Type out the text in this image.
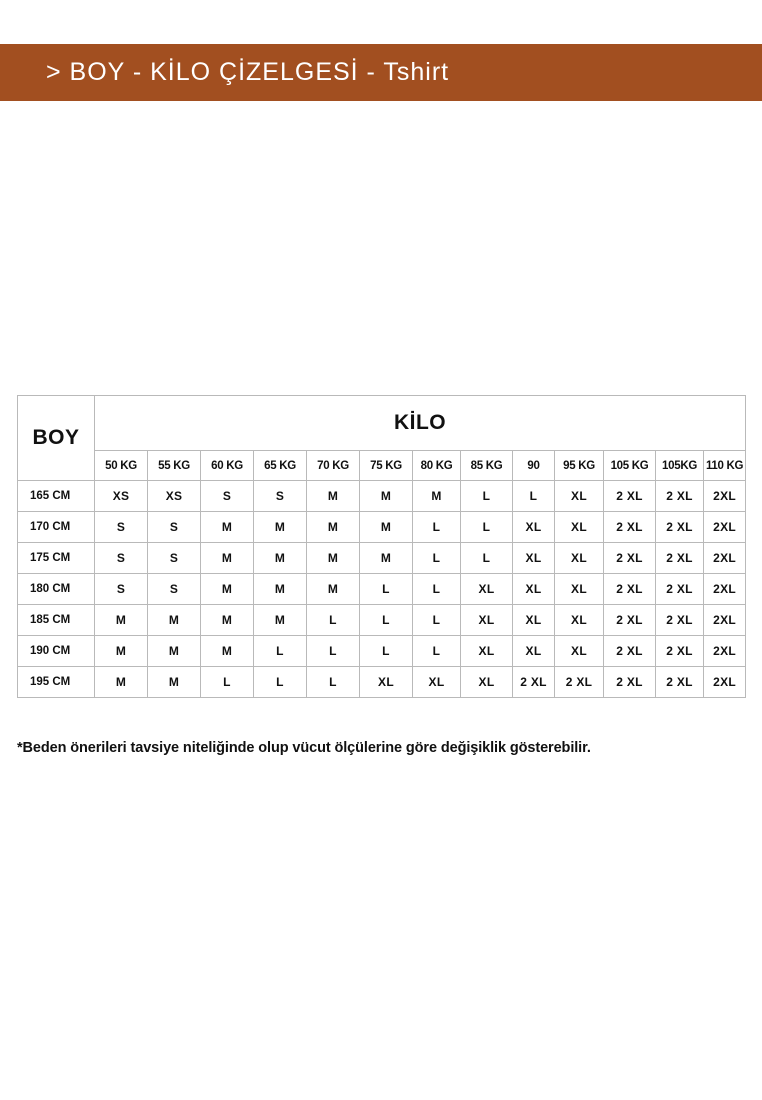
> BOY - KİLO ÇİZELGESİ - Tshirt
BOY	KİLO												
	50 KG	55 KG	60 KG	65 KG	70 KG	75 KG	80 KG	85 KG	90	95 KG	105 KG	105KG	110 KG
165 CM	XS	XS	S	S	M	M	M	L	L	XL	2 XL	2 XL	2XL
170 CM	S	S	M	M	M	M	L	L	XL	XL	2 XL	2 XL	2XL
175 CM	S	S	M	M	M	M	L	L	XL	XL	2 XL	2 XL	2XL
180 CM	S	S	M	M	M	L	L	XL	XL	XL	2 XL	2 XL	2XL
185 CM	M	M	M	M	L	L	L	XL	XL	XL	2 XL	2 XL	2XL
190 CM	M	M	M	L	L	L	L	XL	XL	XL	2 XL	2 XL	2XL
195 CM	M	M	L	L	L	XL	XL	XL	2 XL	2 XL	2 XL	2 XL	2XL
*Beden önerileri tavsiye niteliğinde olup vücut ölçülerine göre değişiklik gösterebilir.
